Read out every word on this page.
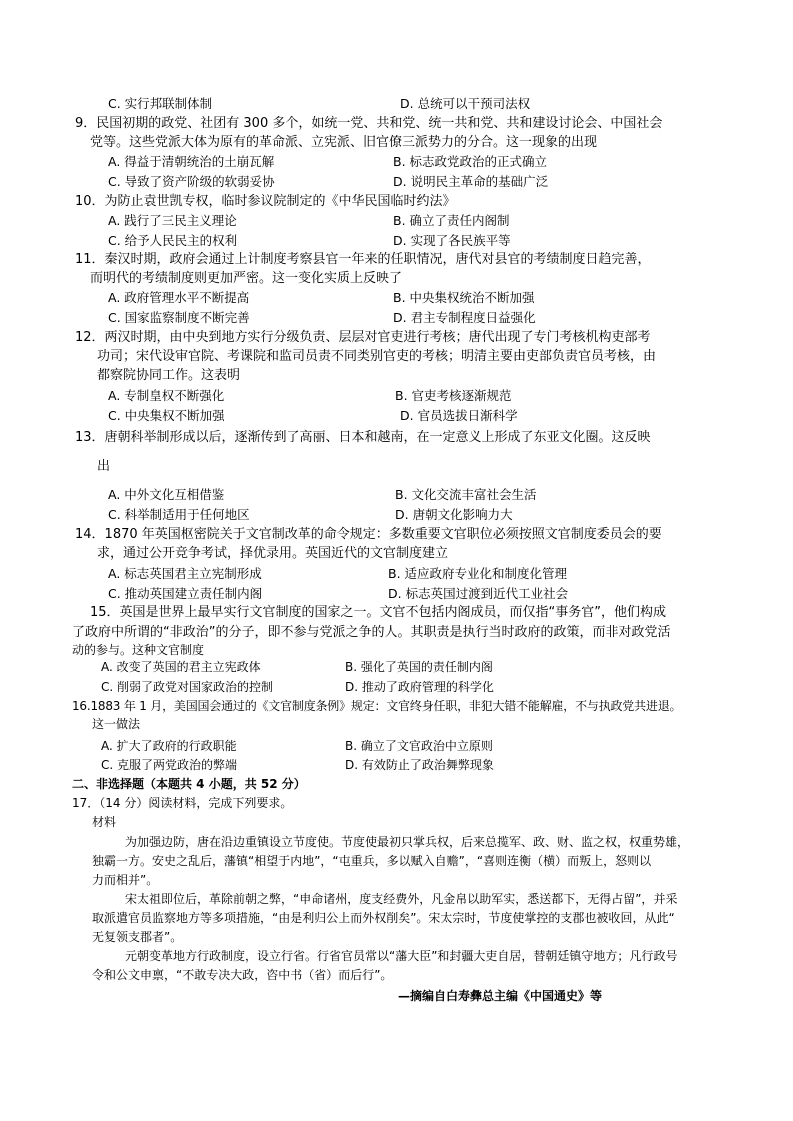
C. 实行邦联制体制	D. 总统可以干预司法权
9．民国初期的政党、社团有 300 多个，如统一党、共和党、统一共和党、共和建设讨论会、中国社会
党等。这些党派大体为原有的革命派、立宪派、旧官僚三派势力的分合。这一现象的出现
A. 得益于清朝统治的土崩瓦解	B. 标志政党政治的正式确立
C. 导致了资产阶级的软弱妥协	D. 说明民主革命的基础广泛
10．为防止袁世凯专权，临时参议院制定的《中华民国临时约法》
A. 践行了三民主义理论	B. 确立了责任内阁制
C. 给予人民民主的权利	D. 实现了各民族平等
11．秦汉时期，政府会通过上计制度考察县官一年来的任职情况，唐代对县官的考绩制度日趋完善，
而明代的考绩制度则更加严密。这一变化实质上反映了
A. 政府管理水平不断提高	B. 中央集权统治不断加强
C. 国家监察制度不断完善	D. 君主专制程度日益强化
12．两汉时期，由中央到地方实行分级负责、层层对官吏进行考核；唐代出现了专门考核机构吏部考
功司；宋代设审官院、考课院和监司员责不同类别官吏的考核；明清主要由吏部负责官员考核，由
都察院协同工作。这表明
A. 专制皇权不断强化	B. 官吏考核逐渐规范
C. 中央集权不断加强	D. 官员选拔日渐科学
13．唐朝科举制形成以后，逐渐传到了高丽、日本和越南，在一定意义上形成了东亚文化圈。这反映
出
A. 中外文化互相借鉴	B. 文化交流丰富社会生活
C. 科举制适用于任何地区	D. 唐朝文化影响力大
14．1870 年英国枢密院关于文官制改革的命令规定：多数重要文官职位必须按照文官制度委员会的要
求，通过公开竞争考试，择优录用。英国近代的文官制度建立
A. 标志英国君主立宪制形成	B. 适应政府专业化和制度化管理
C. 推动英国建立责任制内阁	D. 标志英国过渡到近代工业社会
15．英国是世界上最早实行文官制度的国家之一。文官不包括内阁成员，而仅指“事务官”，他们构成
了政府中所谓的“非政治”的分子，即不参与党派之争的人。其职责是执行当时政府的政策，而非对政党活
动的参与。这种文官制度
A. 改变了英国的君主立宪政体	B. 强化了英国的责任制内阁
C. 削弱了政党对国家政治的控制	D. 推动了政府管理的科学化
16.1883 年 1 月，美国国会通过的《文官制度条例》规定：文官终身任职，非犯大错不能解雇，不与执政党共进退。
这一做法
A. 扩大了政府的行政职能	B. 确立了文官政治中立原则
C. 克服了两党政治的弊端	D. 有效防止了政治舞弊现象
二、非选择题（本题共 4 小题，共 52 分）
17．（14 分）阅读材料，完成下列要求。
材料
为加强边防，唐在沿边重镇设立节度使。节度使最初只掌兵权，后来总揽军、政、财、监之权，权重势雄，
独霸一方。安史之乱后，藩镇“相望于内地”，“屯重兵，多以赋入自赡”，“喜则连衡（横）而叛上，怒则以
力而相并”。
宋太祖即位后，革除前朝之弊，“申命诸州，度支经费外，凡金帛以助军实，悉送都下，无得占留”，并采
取派遣官员监察地方等多项措施，“由是利归公上而外权削矣”。宋太宗时，节度使掌控的支郡也被收回，从此“
无复领支郡者”。
元朝变革地方行政制度，设立行省。行省官员常以“藩大臣”和封疆大吏自居，替朝廷镇守地方；凡行政号
令和公文申禀，“不敢专决大政，咨中书（省）而后行”。
—摘编自白寿彝总主编《中国通史》等
